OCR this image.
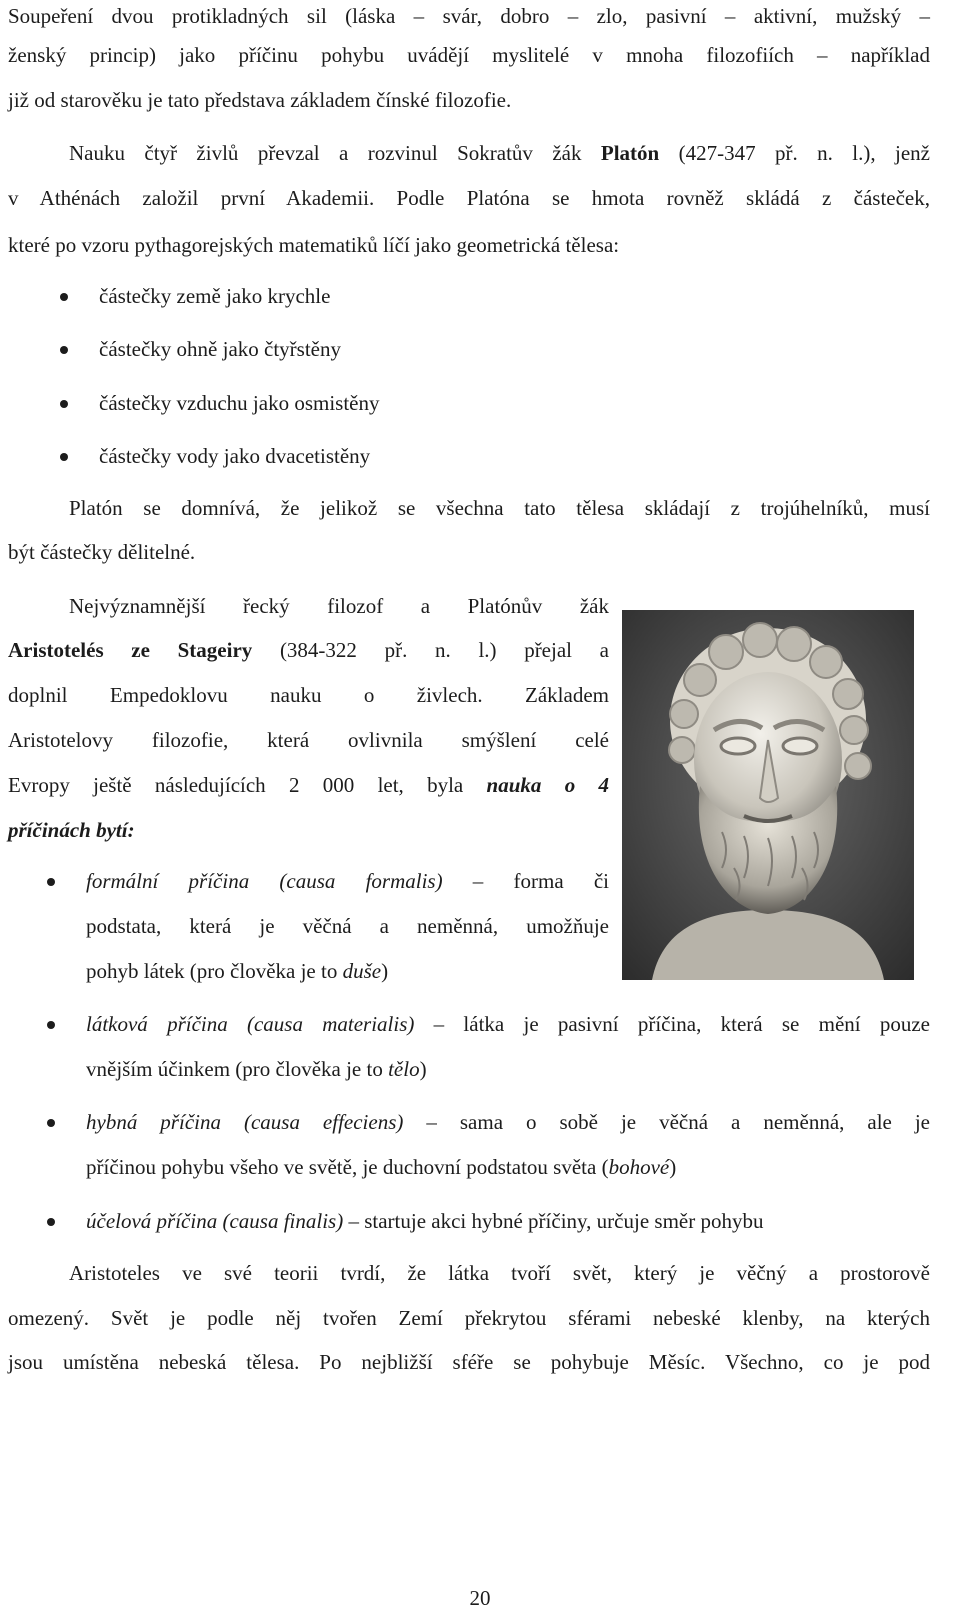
Soupeření dvou protikladných sil (láska – svár, dobro – zlo, pasivní – aktivní, mužský –
ženský princip) jako příčinu pohybu uvádějí myslitelé v mnoha filozofiích – například
již od starověku je tato představa základem čínské filozofie.
Nauku čtyř živlů převzal a rozvinul Sokratův žák Platón (427-347 př. n. l.), jenž
v Athénách založil první Akademii. Podle Platóna se hmota rovněž skládá z částeček,
které po vzoru pythagorejských matematiků líčí jako geometrická tělesa:
částečky země jako krychle
částečky ohně jako čtyřstěny
částečky vzduchu jako osmistěny
částečky vody jako dvacetistěny
Platón se domnívá, že jelikož se všechna tato tělesa skládají z trojúhelníků, musí
být částečky dělitelné.
Nejvýznamnější řecký filozof a Platónův žák
Aristotelés ze Stageiry (384-322 př. n. l.) přejal a
doplnil Empedoklovu nauku o živlech. Základem
Aristotelovy filozofie, která ovlivnila smýšlení celé
Evropy ještě následujících 2 000 let, byla nauka o 4
příčinách bytí:
formální příčina (causa formalis) – forma či
podstata, která je věčná a neměnná, umožňuje
pohyb látek (pro člověka je to duše)
látková příčina (causa materialis) – látka je pasivní příčina, která se mění pouze
vnějším účinkem (pro člověka je to tělo)
hybná příčina (causa effeciens) – sama o sobě je věčná a neměnná, ale je
příčinou pohybu všeho ve světě, je duchovní podstatou světa (bohové)
účelová příčina (causa finalis) – startuje akci hybné příčiny, určuje směr pohybu
Aristoteles ve své teorii tvrdí, že látka tvoří svět, který je věčný a prostorově
omezený. Svět je podle něj tvořen Zemí překrytou sférami nebeské klenby, na kterých
jsou umístěna nebeská tělesa. Po nejbližší sféře se pohybuje Měsíc. Všechno, co je pod
20
